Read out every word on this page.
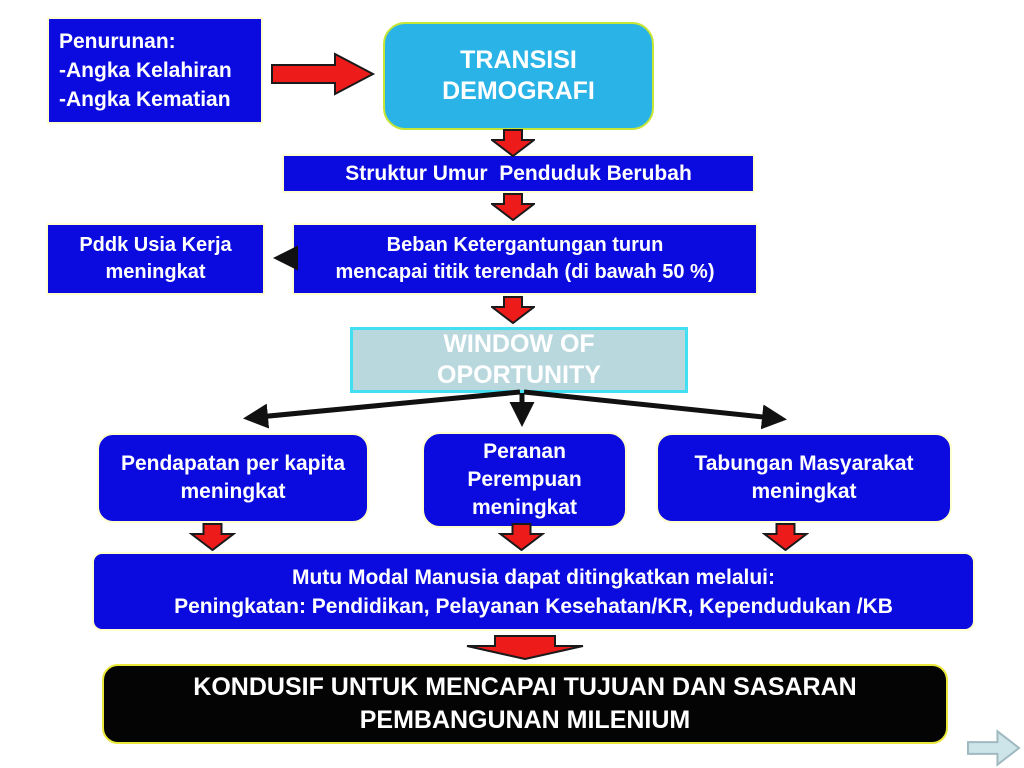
Penurunan:
-Angka Kelahiran
-Angka Kematian
TRANSISI
DEMOGRAFI
Struktur Umur  Penduduk Berubah
Pddk Usia Kerja
meningkat
Beban Ketergantungan turun
mencapai titik terendah (di bawah 50 %)
WINDOW OF
OPORTUNITY
Pendapatan per kapita
meningkat
Peranan
Perempuan
meningkat
Tabungan Masyarakat
meningkat
Mutu Modal Manusia dapat ditingkatkan melalui:
Peningkatan: Pendidikan, Pelayanan Kesehatan/KR, Kependudukan /KB
KONDUSIF UNTUK MENCAPAI TUJUAN DAN SASARAN
PEMBANGUNAN MILENIUM
